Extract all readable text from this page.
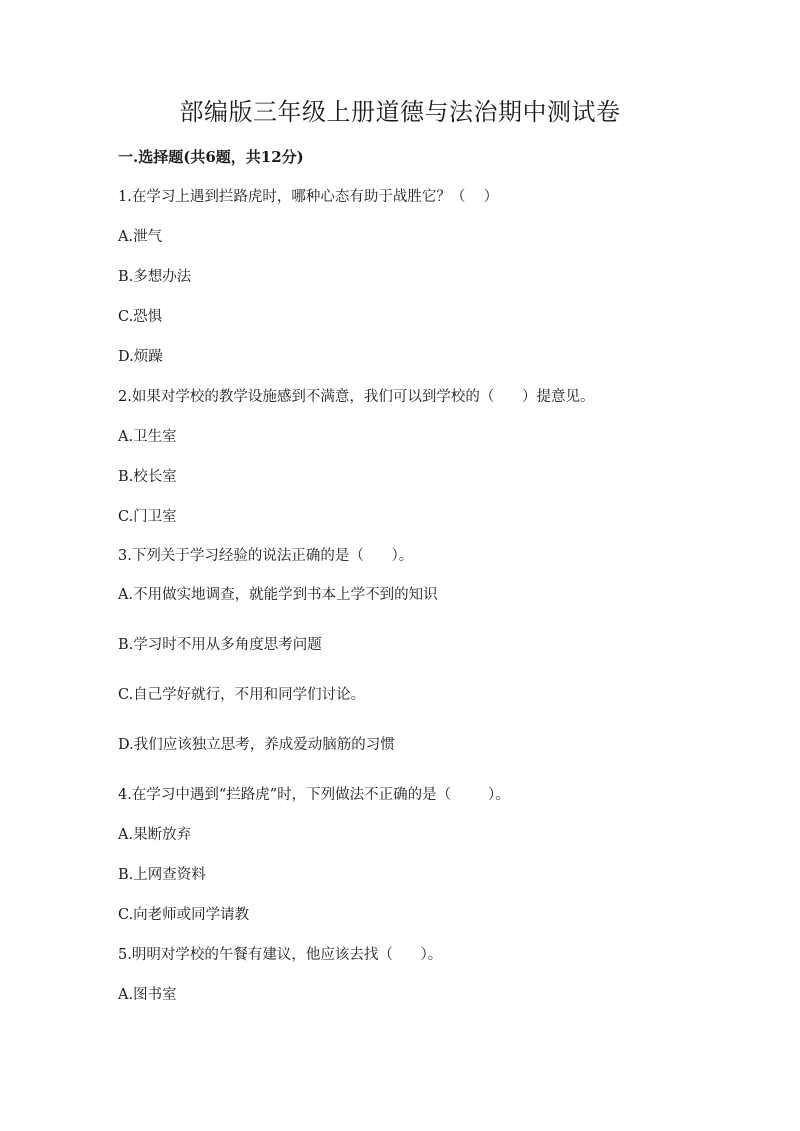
部编版三年级上册道德与法治期中测试卷
一.选择题(共6题，共12分)
1.在学习上遇到拦路虎时，哪种心态有助于战胜它？（    ）
A.泄气
B.多想办法
C.恐惧
D.烦躁
2.如果对学校的教学设施感到不满意，我们可以到学校的（      ）提意见。
A.卫生室
B.校长室
C.门卫室
3.下列关于学习经验的说法正确的是（      ）。
A.不用做实地调查，就能学到书本上学不到的知识
B.学习时不用从多角度思考问题
C.自己学好就行，不用和同学们讨论。
D.我们应该独立思考，养成爱动脑筋的习惯
4.在学习中遇到“拦路虎”时，下列做法不正确的是（        ）。
A.果断放弃
B.上网查资料
C.向老师或同学请教
5.明明对学校的午餐有建议，他应该去找（      ）。
A.图书室
